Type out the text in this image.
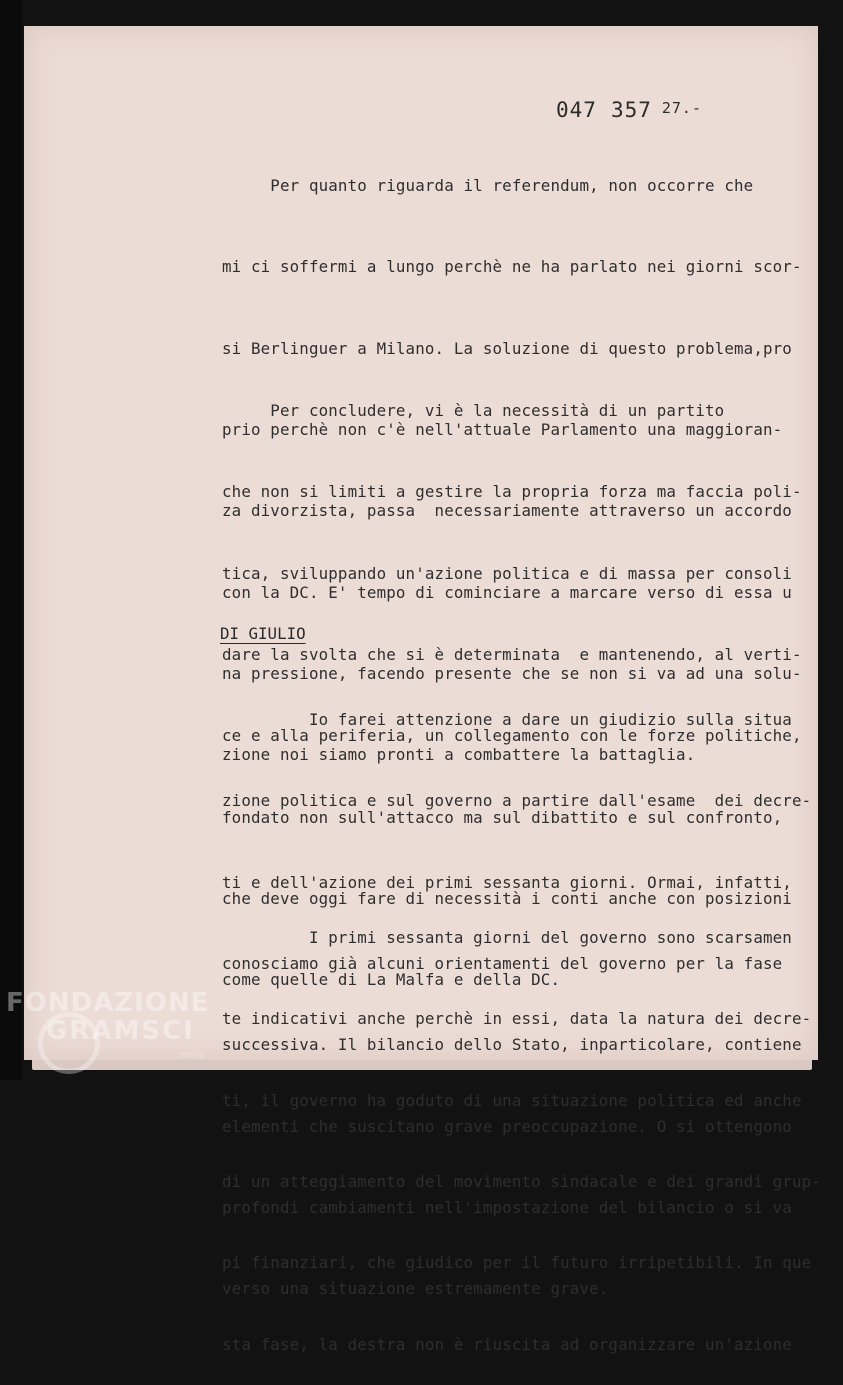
047 357 $^{27.-}$

Per quanto riguarda il referendum, non occorre che

mi ci soffermi a lungo perchè ne ha parlato nei giorni scor-

si Berlinguer a Milano. La soluzione di questo problema,pro

prio perchè non c'è nell'attuale Parlamento una maggioran-

za divorzista, passa  necessariamente attraverso un accordo

con la DC. E' tempo di cominciare a marcare verso di essa u

na pressione, facendo presente che se non si va ad una solu-

zione noi siamo pronti a combattere la battaglia.

Per concludere, vi è la necessità di un partito

che non si limiti a gestire la propria forza ma faccia poli-

tica, sviluppando un'azione politica e di massa per consoli

dare la svolta che si è determinata  e mantenendo, al verti-

ce e alla periferia, un collegamento con le forze politiche,

fondato non sull'attacco ma sul dibattito e sul confronto,

che deve oggi fare di necessità i conti anche con posizioni

come quelle di La Malfa e della DC.

DI GIULIO

Io farei attenzione a dare un giudizio sulla situa

zione politica e sul governo a partire dall'esame  dei decre-

ti e dell'azione dei primi sessanta giorni. Ormai, infatti,

conosciamo già alcuni orientamenti del governo per la fase

successiva. Il bilancio dello Stato, inparticolare, contiene

elementi che suscitano grave preoccupazione. O si ottengono

profondi cambiamenti nell'impostazione del bilancio o si va

verso una situazione estremamente grave.

I primi sessanta giorni del governo sono scarsamen

te indicativi anche perchè in essi, data la natura dei decre-

ti, il governo ha goduto di una situazione politica ed anche

di un atteggiamento del movimento sindacale e dei grandi grup-

pi finanziari, che giudico per il futuro irripetibili. In que

sta fase, la destra non è riuscita ad organizzare un'azione

FONDAZIONE
GRAMSCI
onlus
